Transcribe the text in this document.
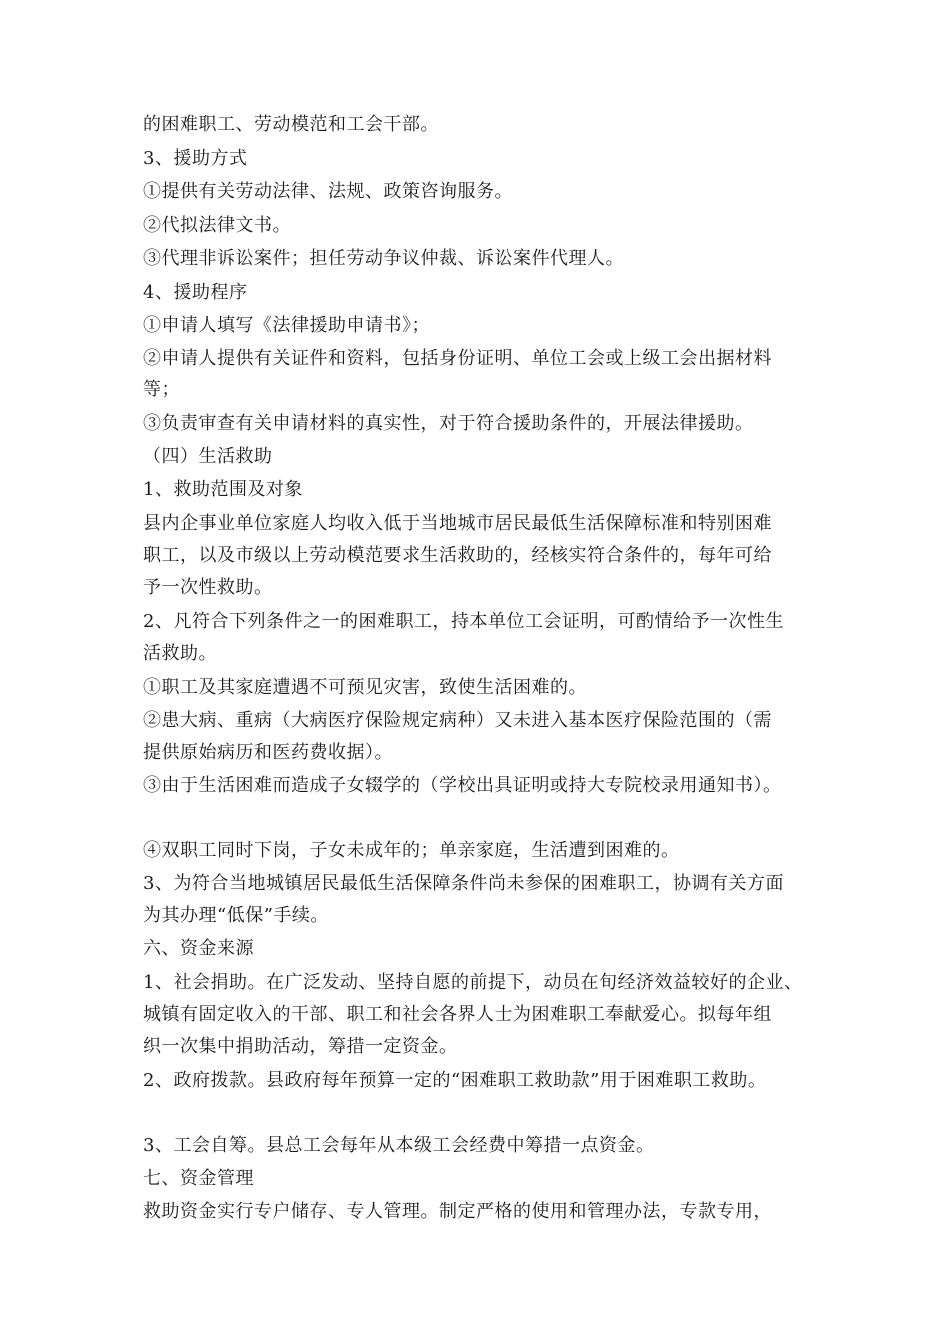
的困难职工、劳动模范和工会干部。
3、援助方式
①提供有关劳动法律、法规、政策咨询服务。
②代拟法律文书。
③代理非诉讼案件；担任劳动争议仲裁、诉讼案件代理人。
4、援助程序
①申请人填写《法律援助申请书》；
②申请人提供有关证件和资料，包括身份证明、单位工会或上级工会出据材料
等；
③负责审查有关申请材料的真实性，对于符合援助条件的，开展法律援助。
（四）生活救助
1、救助范围及对象
县内企事业单位家庭人均收入低于当地城市居民最低生活保障标准和特别困难
职工，以及市级以上劳动模范要求生活救助的，经核实符合条件的，每年可给
予一次性救助。
2、凡符合下列条件之一的困难职工，持本单位工会证明，可酌情给予一次性生
活救助。
①职工及其家庭遭遇不可预见灾害，致使生活困难的。
②患大病、重病（大病医疗保险规定病种）又未进入基本医疗保险范围的（需
提供原始病历和医药费收据）。
③由于生活困难而造成子女辍学的（学校出具证明或持大专院校录用通知书）。
④双职工同时下岗，子女未成年的；单亲家庭，生活遭到困难的。
3、为符合当地城镇居民最低生活保障条件尚未参保的困难职工，协调有关方面
为其办理“低保”手续。
六、资金来源
1、社会捐助。在广泛发动、坚持自愿的前提下，动员在旬经济效益较好的企业、
城镇有固定收入的干部、职工和社会各界人士为困难职工奉献爱心。拟每年组
织一次集中捐助活动，筹措一定资金。
2、政府拨款。县政府每年预算一定的“困难职工救助款”用于困难职工救助。
3、工会自筹。县总工会每年从本级工会经费中筹措一点资金。
七、资金管理
救助资金实行专户储存、专人管理。制定严格的使用和管理办法，专款专用，
